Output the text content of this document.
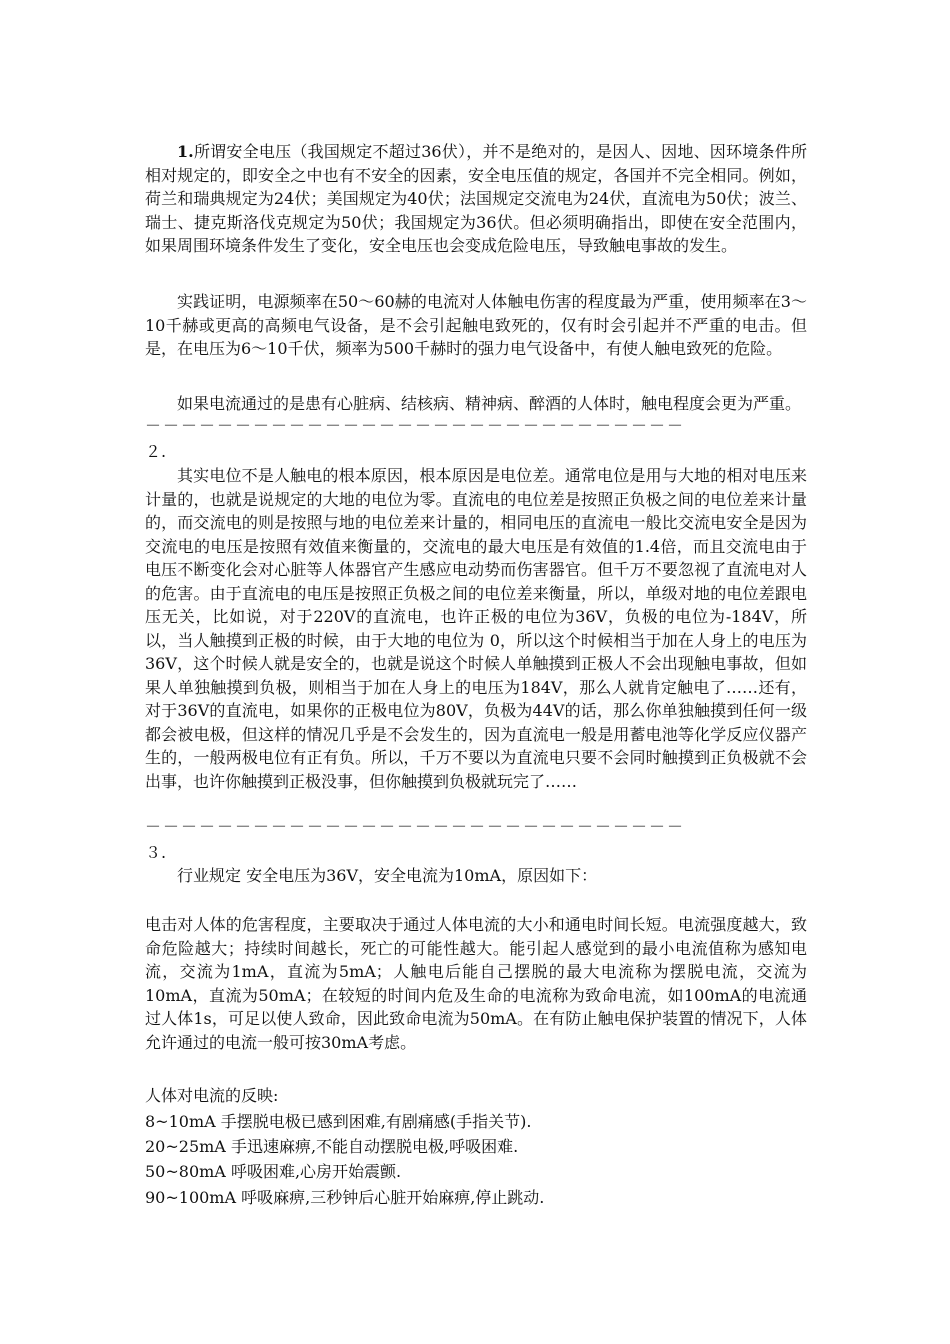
1.所谓安全电压（我国规定不超过36伏），并不是绝对的，是因人、因地、因环境条件所相对规定的，即安全之中也有不安全的因素，安全电压值的规定，各国并不完全相同。例如，荷兰和瑞典规定为24伏；美国规定为40伏；法国规定交流电为24伏，直流电为50伏；波兰、瑞士、捷克斯洛伐克规定为50伏；我国规定为36伏。但必须明确指出，即使在安全范围内，如果周围环境条件发生了变化，安全电压也会变成危险电压，导致触电事故的发生。

实践证明，电源频率在50～60赫的电流对人体触电伤害的程度最为严重，使用频率在3～10千赫或更高的高频电气设备，是不会引起触电致死的，仅有时会引起并不严重的电击。但是，在电压为6～10千伏，频率为500千赫时的强力电气设备中，有使人触电致死的危险。

如果电流通过的是患有心脏病、结核病、精神病、醉酒的人体时，触电程度会更为严重。

－－－－－－－－－－－－－－－－－－－－－－－－－－－－－－
２.

其实电位不是人触电的根本原因，根本原因是电位差。通常电位是用与大地的相对电压来计量的，也就是说规定的大地的电位为零。直流电的电位差是按照正负极之间的电位差来计量的，而交流电的则是按照与地的电位差来计量的，相同电压的直流电一般比交流电安全是因为交流电的电压是按照有效值来衡量的，交流电的最大电压是有效值的1.4倍，而且交流电由于电压不断变化会对心脏等人体器官产生感应电动势而伤害器官。但千万不要忽视了直流电对人的危害。由于直流电的电压是按照正负极之间的电位差来衡量，所以，单级对地的电位差跟电压无关，比如说，对于220V的直流电，也许正极的电位为36V，负极的电位为-184V，所以，当人触摸到正极的时候，由于大地的电位为 0，所以这个时候相当于加在人身上的电压为36V，这个时候人就是安全的，也就是说这个时候人单触摸到正极人不会出现触电事故，但如果人单独触摸到负极，则相当于加在人身上的电压为184V，那么人就肯定触电了……还有，对于36V的直流电，如果你的正极电位为80V，负极为44V的话，那么你单独触摸到任何一级都会被电极，但这样的情况几乎是不会发生的，因为直流电一般是用蓄电池等化学反应仪器产生的，一般两极电位有正有负。所以，千万不要以为直流电只要不会同时触摸到正负极就不会出事，也许你触摸到正极没事，但你触摸到负极就玩完了……

－－－－－－－－－－－－－－－－－－－－－－－－－－－－－－
３.
行业规定 安全电压为36V，安全电流为10mA，原因如下：

电击对人体的危害程度，主要取决于通过人体电流的大小和通电时间长短。电流强度越大，致命危险越大；持续时间越长，死亡的可能性越大。能引起人感觉到的最小电流值称为感知电流，交流为1mA，直流为5mA；人触电后能自己摆脱的最大电流称为摆脱电流，交流为10mA，直流为50mA；在较短的时间内危及生命的电流称为致命电流，如100mA的电流通过人体1s，可足以使人致命，因此致命电流为50mA。在有防止触电保护装置的情况下，人体允许通过的电流一般可按30mA考虑。

人体对电流的反映:
8~10mA 手摆脱电极已感到困难,有剧痛感(手指关节).
20~25mA 手迅速麻痹,不能自动摆脱电极,呼吸困难.
50~80mA 呼吸困难,心房开始震颤.
90~100mA 呼吸麻痹,三秒钟后心脏开始麻痹,停止跳动.
